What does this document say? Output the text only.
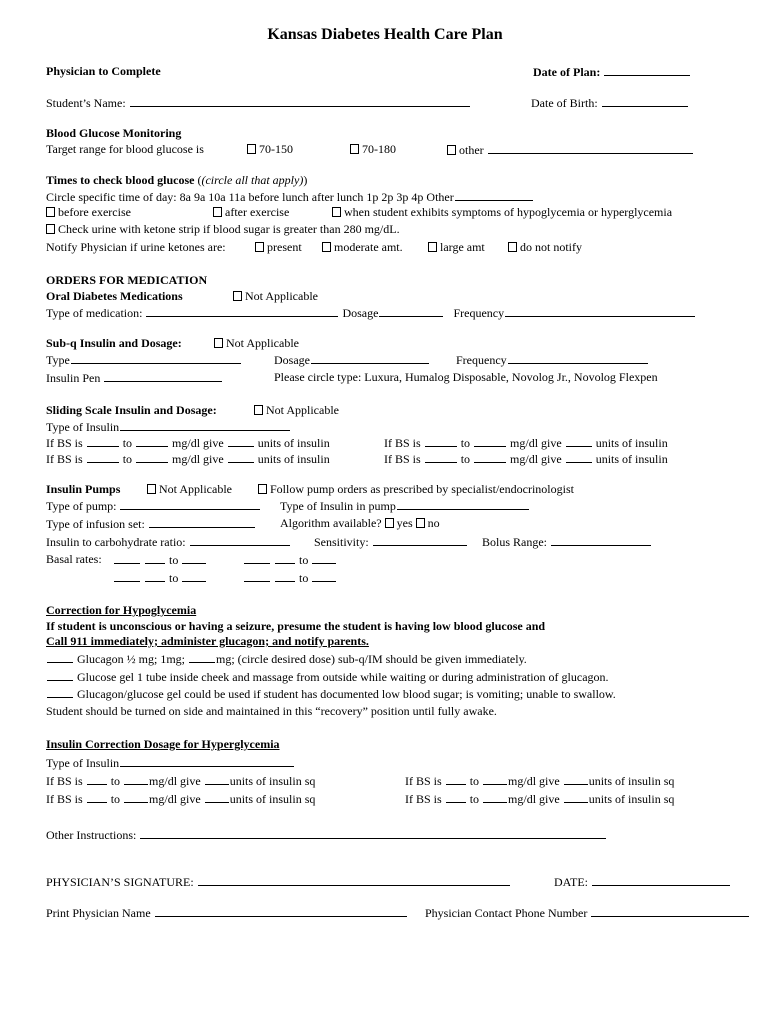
Kansas Diabetes Health Care Plan
Physician to Complete	Date of Plan:
Student’s Name:	Date of Birth:
Blood Glucose Monitoring
Target range for blood glucose is	70-150	70-180	other
Times to check blood glucose ((circle all that apply))
Circle specific time of day: 8a 9a 10a 11a before lunch after lunch 1p 2p 3p 4p Other
before exercise	after exercise	when student exhibits symptoms of hypoglycemia or hyperglycemia
Check urine with ketone strip if blood sugar is greater than 280 mg/dL.
Notify Physician if urine ketones are:	present	moderate amt.	large amt	do not notify
ORDERS FOR MEDICATION
Oral Diabetes Medications	Not Applicable
Type of medication:	Dosage	Frequency
Sub-q Insulin and Dosage:	Not Applicable
Type	Dosage	Frequency
Insulin Pen	Please circle type: Luxura, Humalog Disposable, Novolog Jr., Novolog Flexpen
Sliding Scale Insulin and Dosage:	Not Applicable
Type of Insulin
If BS is	to	mg/dl give	units of insulin	If BS is	to	mg/dl give	units of insulin
If BS is	to	mg/dl give	units of insulin	If BS is	to	mg/dl give	units of insulin
Insulin Pumps	Not Applicable	Follow pump orders as prescribed by specialist/endocrinologist
Type of pump:	Type of Insulin in pump
Type of infusion set:	Algorithm available? yes no
Insulin to carbohydrate ratio:	Sensitivity:	Bolus Range:
Basal rates:	to	to
to	to
Correction for Hypoglycemia
If student is unconscious or having a seizure, presume the student is having low blood glucose and
Call 911 immediately; administer glucagon; and notify parents.
Glucagon ½ mg; 1mg;	mg; (circle desired dose) sub-q/IM should be given immediately.
Glucose gel 1 tube inside cheek and massage from outside while waiting or during administration of glucagon.
Glucagon/glucose gel could be used if student has documented low blood sugar; is vomiting; unable to swallow.
Student should be turned on side and maintained in this “recovery” position until fully awake.
Insulin Correction Dosage for Hyperglycemia
Type of Insulin
If BS is to mg/dl give units of insulin sq	If BS is to mg/dl give units of insulin sq
If BS is to mg/dl give units of insulin sq	If BS is to mg/dl give units of insulin sq
Other Instructions:
PHYSICIAN’S SIGNATURE:	DATE:
Print Physician Name	Physician Contact Phone Number
